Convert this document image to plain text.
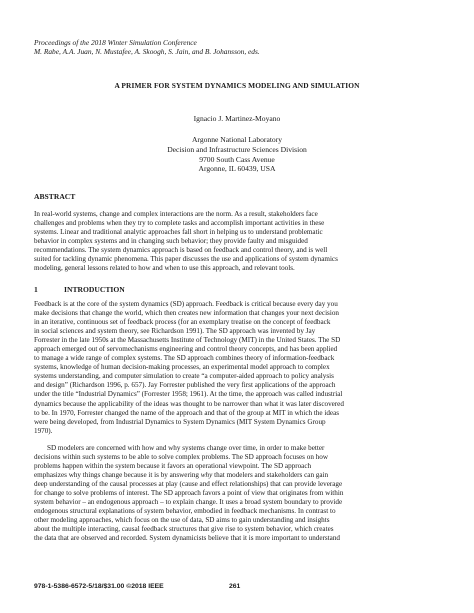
Proceedings of the 2018 Winter Simulation Conference
M. Rabe, A.A. Juan, N. Mustafee, A. Skoogh, S. Jain, and B. Johansson, eds.
A PRIMER FOR SYSTEM DYNAMICS MODELING AND SIMULATION
Ignacio J. Martinez-Moyano
Argonne National Laboratory
Decision and Infrastructure Sciences Division
9700 South Cass Avenue
Argonne, IL 60439, USA
ABSTRACT
In real-world systems, change and complex interactions are the norm. As a result, stakeholders face
challenges and problems when they try to complete tasks and accomplish important activities in these
systems. Linear and traditional analytic approaches fall short in helping us to understand problematic
behavior in complex systems and in changing such behavior; they provide faulty and misguided
recommendations. The system dynamics approach is based on feedback and control theory, and is well
suited for tackling dynamic phenomena. This paper discusses the use and applications of system dynamics
modeling, general lessons related to how and when to use this approach, and relevant tools.
1	INTRODUCTION
Feedback is at the core of the system dynamics (SD) approach. Feedback is critical because every day you
make decisions that change the world, which then creates new information that changes your next decision
in an iterative, continuous set of feedback process (for an exemplary treatise on the concept of feedback
in social sciences and system theory, see Richardson 1991). The SD approach was invented by Jay
Forrester in the late 1950s at the Massachusetts Institute of Technology (MIT) in the United States. The SD
approach emerged out of servomechanisms engineering and control theory concepts, and has been applied
to manage a wide range of complex systems. The SD approach combines theory of information-feedback
systems, knowledge of human decision-making processes, an experimental model approach to complex
systems understanding, and computer simulation to create “a computer-aided approach to policy analysis
and design” (Richardson 1996, p. 657). Jay Forrester published the very first applications of the approach
under the title “Industrial Dynamics” (Forrester 1958; 1961). At the time, the approach was called industrial
dynamics because the applicability of the ideas was thought to be narrower than what it was later discovered
to be. In 1970, Forrester changed the name of the approach and that of the group at MIT in which the ideas
were being developed, from Industrial Dynamics to System Dynamics (MIT System Dynamics Group
1970).
SD modelers are concerned with how and why systems change over time, in order to make better
decisions within such systems to be able to solve complex problems. The SD approach focuses on how
problems happen within the system because it favors an operational viewpoint. The SD approach
emphasizes why things change because it is by answering why that modelers and stakeholders can gain
deep understanding of the causal processes at play (cause and effect relationships) that can provide leverage
for change to solve problems of interest. The SD approach favors a point of view that originates from within
system behavior – an endogenous approach – to explain change. It uses a broad system boundary to provide
endogenous structural explanations of system behavior, embodied in feedback mechanisms. In contrast to
other modeling approaches, which focus on the use of data, SD aims to gain understanding and insights
about the multiple interacting, causal feedback structures that give rise to system behavior, which creates
the data that are observed and recorded. System dynamicists believe that it is more important to understand
978-1-5386-6572-5/18/$31.00 ©2018 IEEE	261
